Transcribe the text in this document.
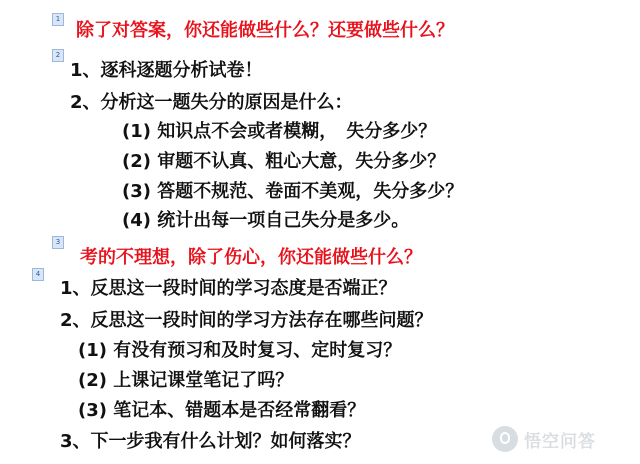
1
除了对答案，你还能做些什么？还要做些什么？
2
1、逐科逐题分析试卷！
2、分析这一题失分的原因是什么：
(1) 知识点不会或者模糊，　失分多少？
(2) 审题不认真、粗心大意，失分多少？
(3) 答题不规范、卷面不美观，失分多少？
(4) 统计出每一项自己失分是多少。
3
考的不理想，除了伤心，你还能做些什么？
4
1、反思这一段时间的学习态度是否端正？
2、反思这一段时间的学习方法存在哪些问题？
(1) 有没有预习和及时复习、定时复习？
(2) 上课记课堂笔记了吗？
(3) 笔记本、错题本是否经常翻看？
3、下一步我有什么计划？如何落实？	悟空问答
